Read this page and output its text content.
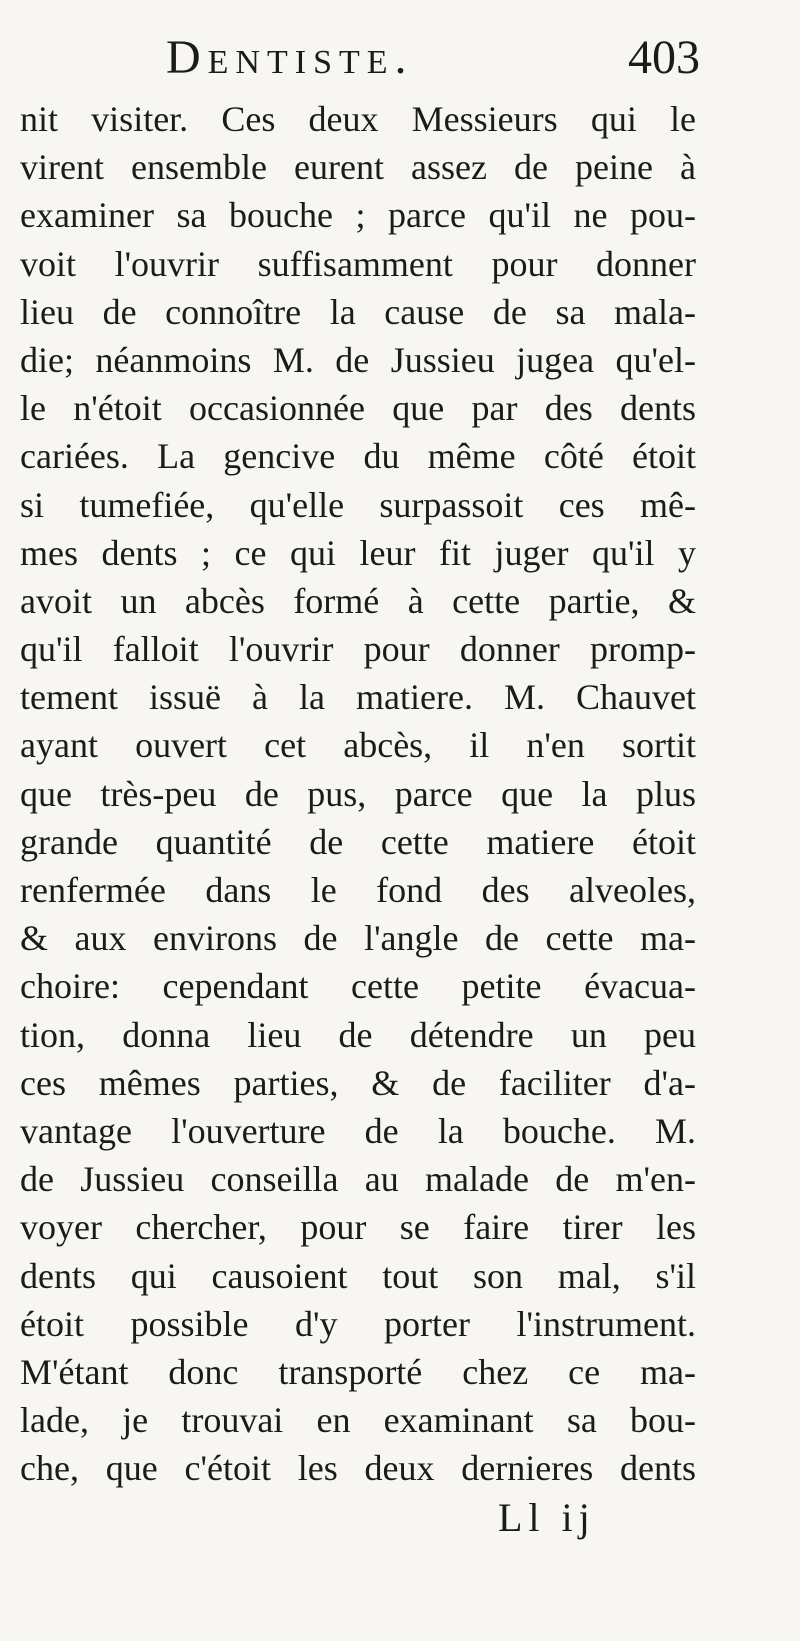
Dentiste.	403
nit visiter. Ces deux Messieurs qui le
virent ensemble eurent assez de peine à
examiner sa bouche ; parce qu'il ne pou-
voit l'ouvrir suffisamment pour donner
lieu de connoître la cause de sa mala-
die; néanmoins M. de Jussieu jugea qu'el-
le n'étoit occasionnée que par des dents
cariées. La gencive du même côté étoit
si tumefiée, qu'elle surpassoit ces mê-
mes dents ; ce qui leur fit juger qu'il y
avoit un abcès formé à cette partie, &
qu'il falloit l'ouvrir pour donner promp-
tement issuë à la matiere. M. Chauvet
ayant ouvert cet abcès, il n'en sortit
que très-peu de pus, parce que la plus
grande quantité de cette matiere étoit
renfermée dans le fond des alveoles,
& aux environs de l'angle de cette ma-
choire: cependant cette petite évacua-
tion, donna lieu de détendre un peu
ces mêmes parties, & de faciliter d'a-
vantage l'ouverture de la bouche. M.
de Jussieu conseilla au malade de m'en-
voyer chercher, pour se faire tirer les
dents qui causoient tout son mal, s'il
étoit possible d'y porter l'instrument.
M'étant donc transporté chez ce ma-
lade, je trouvai en examinant sa bou-
che, que c'étoit les deux dernieres dents
Ll ij
